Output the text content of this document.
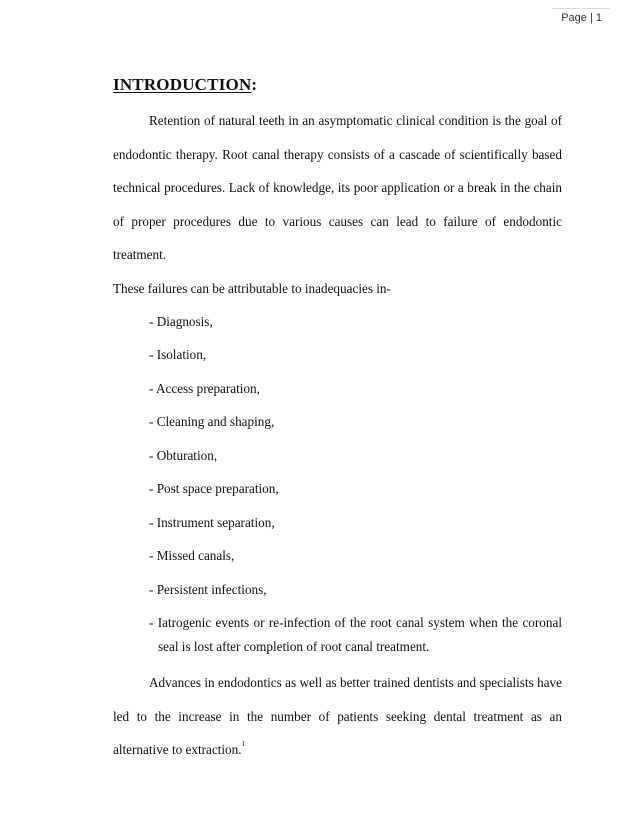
Page | 1
INTRODUCTION:

Retention of natural teeth in an asymptomatic clinical condition is the goal of endodontic therapy. Root canal therapy consists of a cascade of scientifically based technical procedures. Lack of knowledge, its poor application or a break in the chain of proper procedures due to various causes can lead to failure of endodontic treatment.

These failures can be attributable to inadequacies in-

- Diagnosis,
- Isolation,
- Access preparation,
- Cleaning and shaping,
- Obturation,
- Post space preparation,
- Instrument separation,
- Missed canals,
- Persistent infections,
- Iatrogenic events or re-infection of the root canal system when the coronal seal is lost after completion of root canal treatment.

Advances in endodontics as well as better trained dentists and specialists have led to the increase in the number of patients seeking dental treatment as an alternative to extraction.$^1$
